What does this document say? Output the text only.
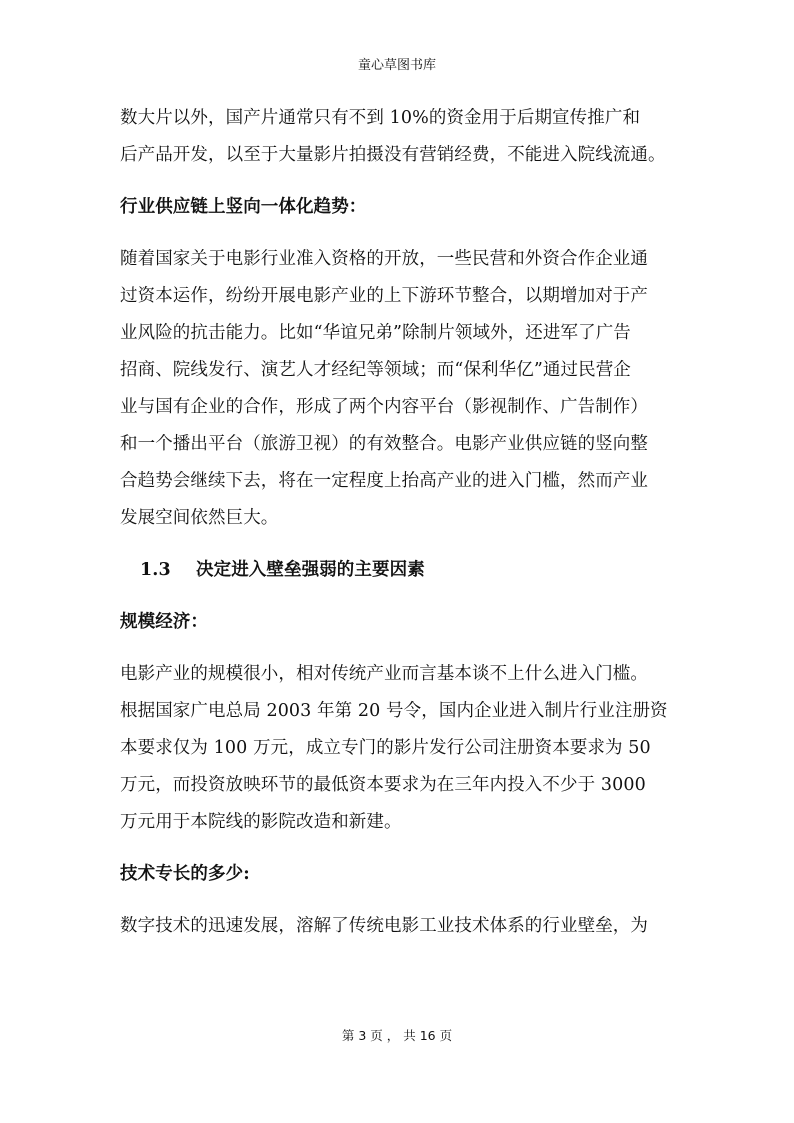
童心草图书库
数大片以外，国产片通常只有不到 10%的资金用于后期宣传推广和
后产品开发，以至于大量影片拍摄没有营销经费，不能进入院线流通。
行业供应链上竖向一体化趋势：
随着国家关于电影行业准入资格的开放，一些民营和外资合作企业通
过资本运作，纷纷开展电影产业的上下游环节整合，以期增加对于产
业风险的抗击能力。比如“华谊兄弟”除制片领域外，还进军了广告
招商、院线发行、演艺人才经纪等领域；而“保利华亿”通过民营企
业与国有企业的合作，形成了两个内容平台（影视制作、广告制作）
和一个播出平台（旅游卫视）的有效整合。电影产业供应链的竖向整
合趋势会继续下去，将在一定程度上抬高产业的进入门槛，然而产业
发展空间依然巨大。
1.3 决定进入壁垒强弱的主要因素
规模经济：
电影产业的规模很小，相对传统产业而言基本谈不上什么进入门槛。
根据国家广电总局 2003 年第 20 号令，国内企业进入制片行业注册资
本要求仅为 100 万元，成立专门的影片发行公司注册资本要求为 50
万元，而投资放映环节的最低资本要求为在三年内投入不少于 3000
万元用于本院线的影院改造和新建。
技术专长的多少:
数字技术的迅速发展，溶解了传统电影工业技术体系的行业壁垒，为
第 3 页 ， 共 16 页
